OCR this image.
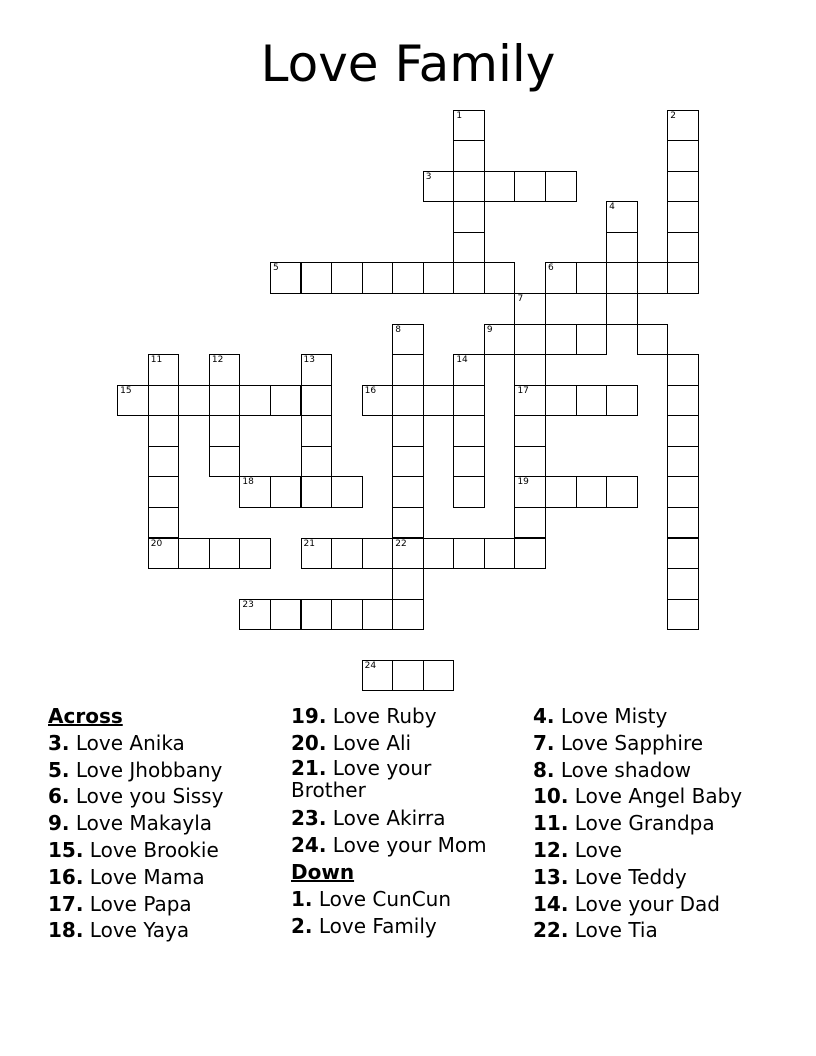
Love Family
1	2
3
4
5	6
7
17
19
9
8
11
20
12	13	14
15	16
18
21	22
23
24
Across
3. Love Anika
5. Love Jhobbany
6. Love you Sissy
9. Love Makayla
15. Love Brookie
16. Love Mama
17. Love Papa
18. Love Yaya
19. Love Ruby
20. Love Ali
21. Love your Brother
23. Love Akirra
24. Love your Mom
Down
1. Love CunCun
2. Love Family
4. Love Misty
7. Love Sapphire
8. Love shadow
10. Love Angel Baby
11. Love Grandpa
12. Love
13. Love Teddy
14. Love your Dad
22. Love Tia
